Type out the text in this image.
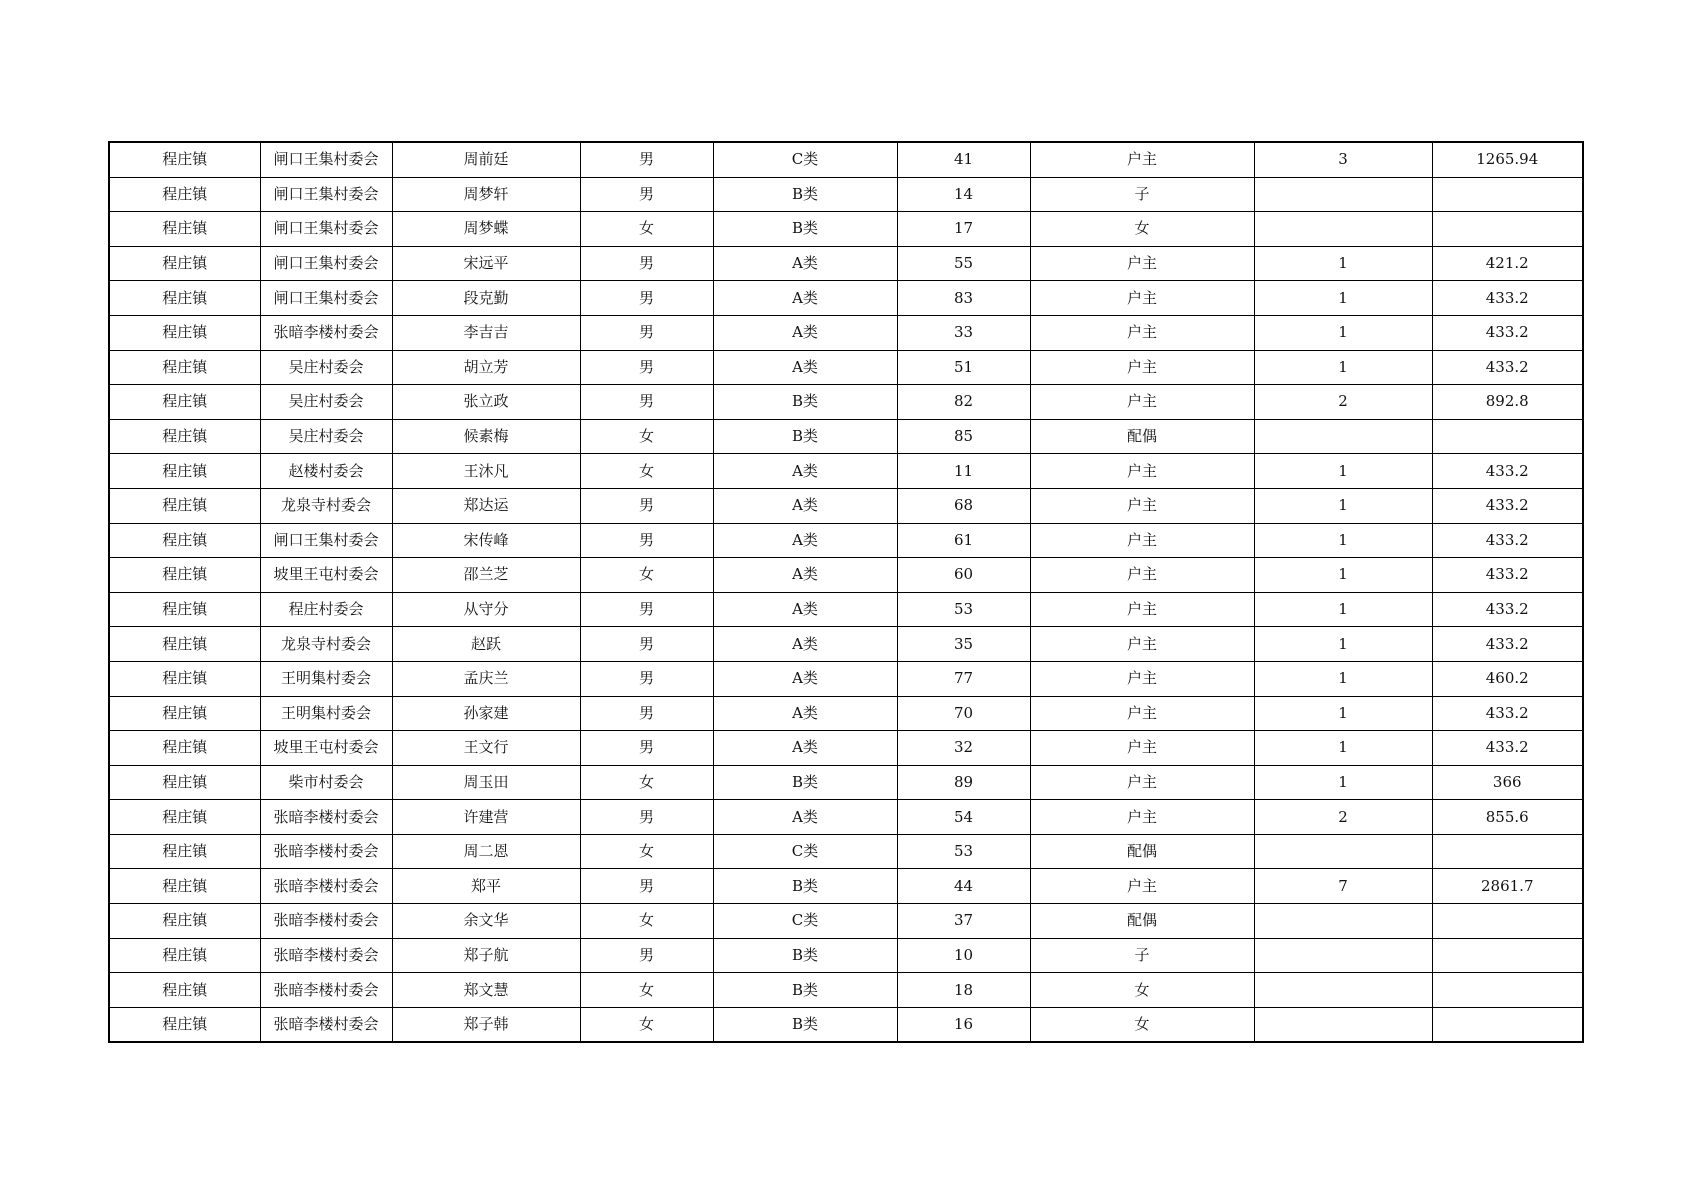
程庄镇	闸口王集村委会	周前廷	男	C类	41	户主	3	1265.94
程庄镇	闸口王集村委会	周梦轩	男	B类	14	子		
程庄镇	闸口王集村委会	周梦蝶	女	B类	17	女		
程庄镇	闸口王集村委会	宋远平	男	A类	55	户主	1	421.2
程庄镇	闸口王集村委会	段克勤	男	A类	83	户主	1	433.2
程庄镇	张暗李楼村委会	李吉吉	男	A类	33	户主	1	433.2
程庄镇	吴庄村委会	胡立芳	男	A类	51	户主	1	433.2
程庄镇	吴庄村委会	张立政	男	B类	82	户主	2	892.8
程庄镇	吴庄村委会	候素梅	女	B类	85	配偶		
程庄镇	赵楼村委会	王沐凡	女	A类	11	户主	1	433.2
程庄镇	龙泉寺村委会	郑达运	男	A类	68	户主	1	433.2
程庄镇	闸口王集村委会	宋传峰	男	A类	61	户主	1	433.2
程庄镇	坡里王屯村委会	邵兰芝	女	A类	60	户主	1	433.2
程庄镇	程庄村委会	从守分	男	A类	53	户主	1	433.2
程庄镇	龙泉寺村委会	赵跃	男	A类	35	户主	1	433.2
程庄镇	王明集村委会	孟庆兰	男	A类	77	户主	1	460.2
程庄镇	王明集村委会	孙家建	男	A类	70	户主	1	433.2
程庄镇	坡里王屯村委会	王文行	男	A类	32	户主	1	433.2
程庄镇	柴市村委会	周玉田	女	B类	89	户主	1	366
程庄镇	张暗李楼村委会	许建营	男	A类	54	户主	2	855.6
程庄镇	张暗李楼村委会	周二恩	女	C类	53	配偶		
程庄镇	张暗李楼村委会	郑平	男	B类	44	户主	7	2861.7
程庄镇	张暗李楼村委会	余文华	女	C类	37	配偶		
程庄镇	张暗李楼村委会	郑子航	男	B类	10	子		
程庄镇	张暗李楼村委会	郑文慧	女	B类	18	女		
程庄镇	张暗李楼村委会	郑子韩	女	B类	16	女		
